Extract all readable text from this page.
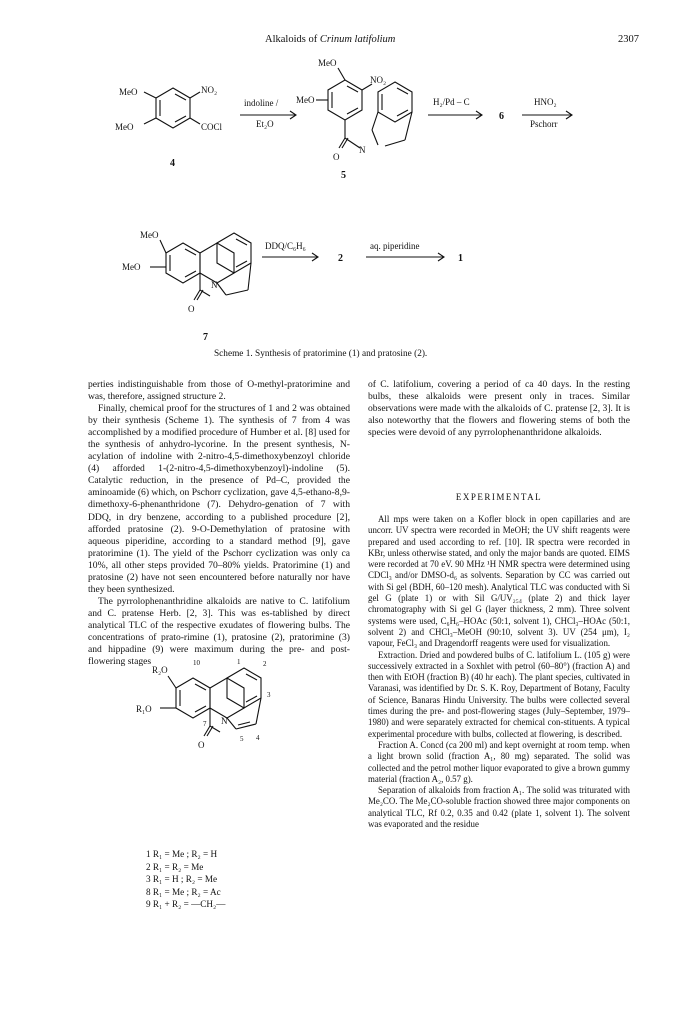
Alkaloids of Crinum latifolium	2307
MeO
MeO
NO₂
COCl
4
indoline /
Et₂O
MeO
MeO
NO₂
N
O
5
H₂/Pd – C
6
HNO₂
Pschorr
MeO
MeO
N
O
7
DDQ/C₆H₆
2
aq. piperidine
1
Scheme 1. Synthesis of pratorimine (1) and pratosine (2).

perties indistinguishable from those of O-methyl-pratorimine and was, therefore, assigned structure 2.

Finally, chemical proof for the structures of 1 and 2 was obtained by their synthesis (Scheme 1). The synthesis of 7 from 4 was accomplished by a modified procedure of Humber et al. [8] used for the synthesis of anhydro-lycorine. In the present synthesis, N-acylation of indoline with 2-nitro-4,5-dimethoxybenzoyl chloride (4) afforded 1-(2-nitro-4,5-dimethoxybenzoyl)-indoline (5). Catalytic reduction, in the presence of Pd–C, provided the aminoamide (6) which, on Pschorr cyclization, gave 4,5-ethano-8,9-dimethoxy-6-phenanthridone (7). Dehydro-genation of 7 with DDQ, in dry benzene, according to a published procedure [2], afforded pratosine (2). 9-O-Demethylation of pratosine with aqueous piperidine, according to a standard method [9], gave pratorimine (1). The yield of the Pschorr cyclization was only ca 10%, all other steps provided 70–80% yields. Pratorimine (1) and pratosine (2) have not seen encountered before naturally nor have they been synthesized.

The pyrrolophenanthridine alkaloids are native to C. latifolium and C. pratense Herb. [2, 3]. This was es-tablished by direct analytical TLC of the respective exudates of flowering bulbs. The concentrations of prato-rimine (1), pratosine (2), pratorimine (3) and hippadine (9) were maximum during the pre- and post-flowering stages

R₂O
R₁O
N
O
10	1	2
3
7
5 4
1 R₁ = Me ; R₂ = H
2 R₁ = R₂ = Me
3 R₁ = H ; R₂ = Me
8 R₁ = Me ; R₂ = Ac
9 R₁ + R₂ = —CH₂—

of C. latifolium, covering a period of ca 40 days. In the resting bulbs, these alkaloids were present only in traces. Similar observations were made with the alkaloids of C. pratense [2, 3]. It is also noteworthy that the flowers and flowering stems of both the species were devoid of any pyrrolophenanthridone alkaloids.

EXPERIMENTAL

All mps were taken on a Kofler block in open capillaries and are uncorr. UV spectra were recorded in MeOH; the UV shift reagents were prepared and used according to ref. [10]. IR spectra were recorded in KBr, unless otherwise stated, and only the major bands are quoted. EIMS were recorded at 70 eV. 90 MHz ¹H NMR spectra were determined using CDCl₃ and/or DMSO-d₆ as solvents. Separation by CC was carried out with Si gel (BDH, 60–120 mesh). Analytical TLC was conducted with Si gel G (plate 1) or with Sil G/UV₂₅₄ (plate 2) and thick layer chromatography with Si gel G (layer thickness, 2 mm). Three solvent systems were used, C₆H₆–HOAc (50:1, solvent 1), CHCl₃–HOAc (50:1, solvent 2) and CHCl₃–MeOH (90:10, solvent 3). UV (254 μm), I₂ vapour, FeCl₃ and Dragendorff reagents were used for visualization.

Extraction. Dried and powdered bulbs of C. latifolium L. (105 g) were successively extracted in a Soxhlet with petrol (60–80°) (fraction A) and then with EtOH (fraction B) (40 hr each). The plant species, cultivated in Varanasi, was identified by Dr. S. K. Roy, Department of Botany, Faculty of Science, Banaras Hindu University. The bulbs were collected several times during the pre- and post-flowering stages (July–September, 1979–1980) and were separately extracted for chemical con-stituents. A typical experimental procedure with bulbs, collected at flowering, is described.

Fraction A. Concd (ca 200 ml) and kept overnight at room temp. when a light brown solid (fraction A₁, 80 mg) separated. The solid was collected and the petrol mother liquor evaporated to give a brown gummy material (fraction A₂, 0.57 g).

Separation of alkaloids from fraction A₁. The solid was triturated with Me₂CO. The Me₂CO-soluble fraction showed three major components on analytical TLC, Rf 0.2, 0.35 and 0.42 (plate 1, solvent 1). The solvent was evaporated and the residue
